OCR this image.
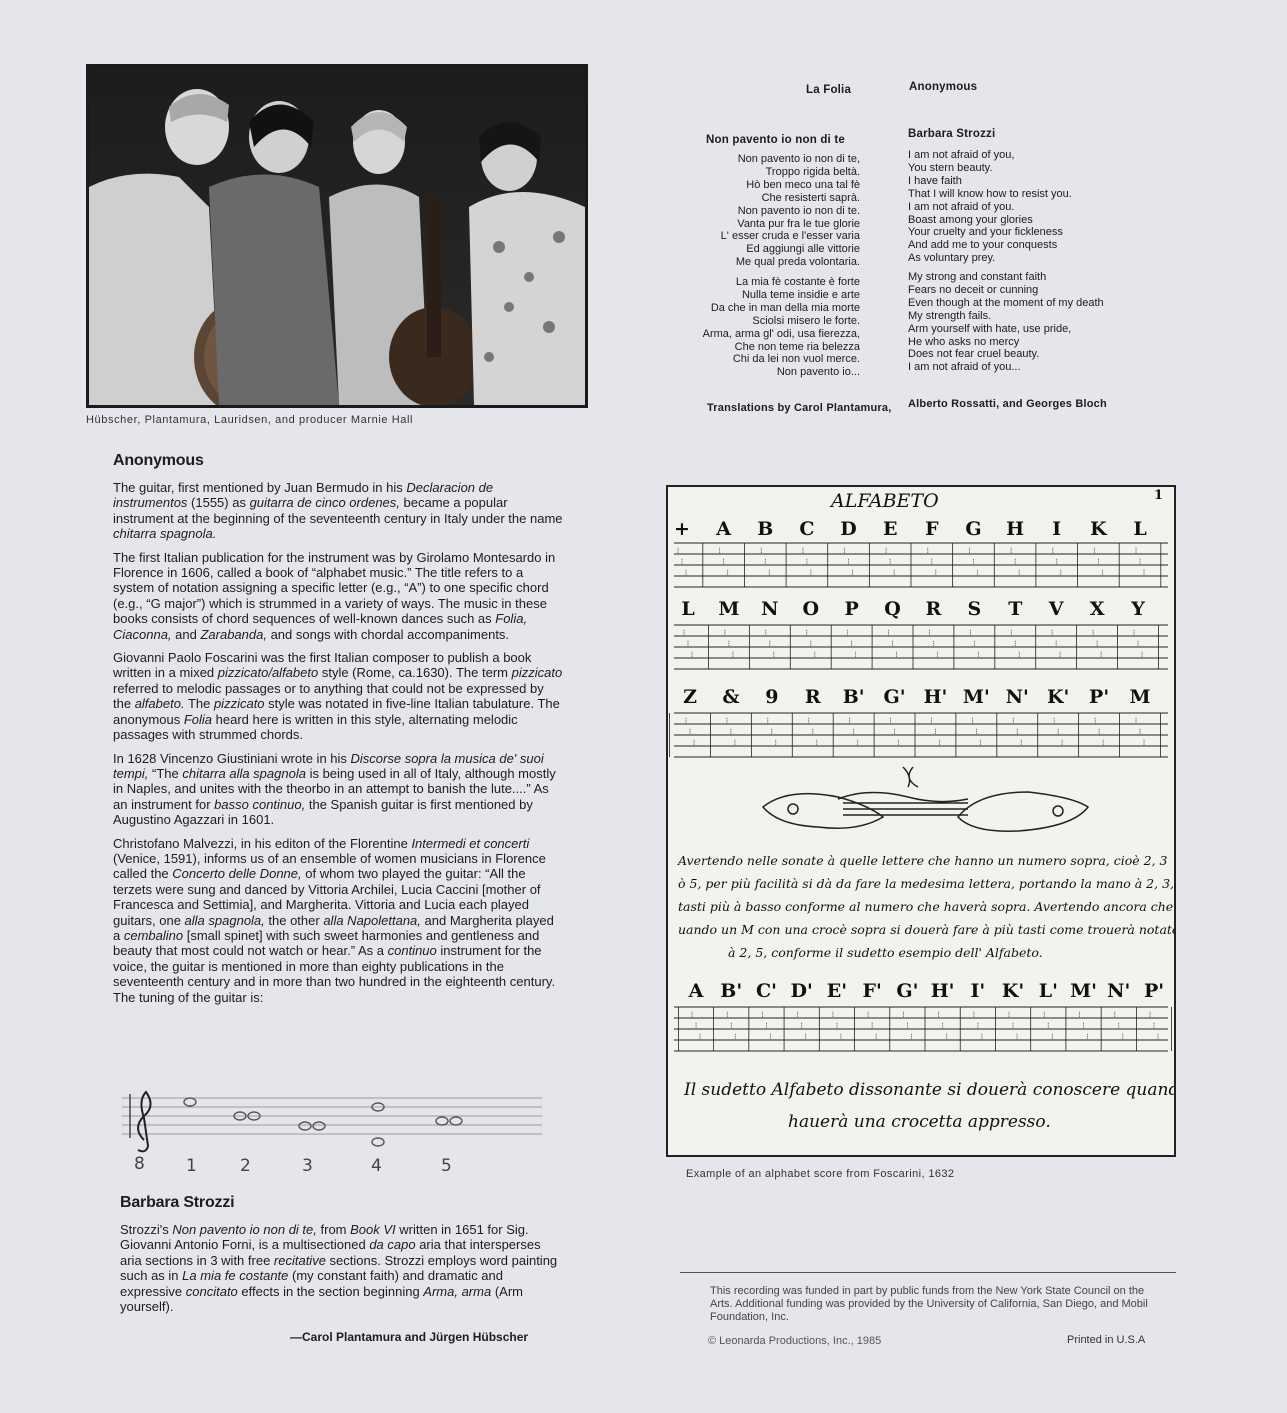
Hübscher, Plantamura, Lauridsen, and producer Marnie Hall
La Folia	Anonymous
Non pavento io non di te	Barbara Strozzi
Non pavento io non di te,
Troppo rigida beltà.
Hò ben meco una tal fè
Che resisterti saprà.
Non pavento io non di te.
Vanta pur fra le tue glorie
L' esser cruda e l'esser varia
Ed aggiungi alle vittorie
Me qual preda volontaria.
La mia fè costante è forte
Nulla teme insidie e arte
Da che in man della mia morte
Sciolsi misero le forte.
Arma, arma gl' odi, usa fierezza,
Che non teme ria belezza
Chi da lei non vuol merce.
Non pavento io...
I am not afraid of you,
You stern beauty.
I have faith
That I will know how to resist you.
I am not afraid of you.
Boast among your glories
Your cruelty and your fickleness
And add me to your conquests
As voluntary prey.
My strong and constant faith
Fears no deceit or cunning
Even though at the moment of my death
My strength fails.
Arm yourself with hate, use pride,
He who asks no mercy
Does not fear cruel beauty.
I am not afraid of you...
Translations by Carol Plantamura, Alberto Rossatti, and Georges Bloch
Anonymous

The guitar, first mentioned by Juan Bermudo in his Declaracion de instrumentos (1555) as guitarra de cinco ordenes, became a popular instrument at the beginning of the seventeenth century in Italy under the name chitarra spagnola.

The first Italian publication for the instrument was by Girolamo Montesardo in Florence in 1606, called a book of “alphabet music.” The title refers to a system of notation assigning a specific letter (e.g., “A”) to one specific chord (e.g., “G major”) which is strummed in a variety of ways. The music in these books consists of chord sequences of well-known dances such as Folia, Ciaconna, and Zarabanda, and songs with chordal accompaniments.

Giovanni Paolo Foscarini was the first Italian composer to publish a book written in a mixed pizzicato/alfabeto style (Rome, ca.1630). The term pizzicato referred to melodic passages or to anything that could not be expressed by the alfabeto. The pizzicato style was notated in five-line Italian tabulature. The anonymous Folia heard here is written in this style, alternating melodic passages with strummed chords.

In 1628 Vincenzo Giustiniani wrote in his Discorse sopra la musica de' suoi tempi, “The chitarra alla spagnola is being used in all of Italy, although mostly in Naples, and unites with the theorbo in an attempt to banish the lute....” As an instrument for basso continuo, the Spanish guitar is first mentioned by Augustino Agazzari in 1601.

Christofano Malvezzi, in his editon of the Florentine Intermedi et concerti (Venice, 1591), informs us of an ensemble of women musicians in Florence called the Concerto delle Donne, of whom two played the guitar: “All the terzets were sung and danced by Vittoria Archilei, Lucia Caccini [mother of Francesca and Settimia], and Margherita. Vittoria and Lucia each played guitars, one alla spagnola, the other alla Napolettana, and Margherita played a cembalino [small spinet] with such sweet harmonies and gentleness and beauty that most could not watch or hear.” As a continuo instrument for the voice, the guitar is mentioned in more than eighty publications in the seventeenth century and in more than two hundred in the eighteenth century. The tuning of the guitar is:

8 1	2	3	4	5
Barbara Strozzi

Strozzi's Non pavento io non di te, from Book VI written in 1651 for Sig. Giovanni Antonio Forni, is a multisectioned da capo aria that intersperses aria sections in 3 with free recitative sections. Strozzi employs word painting such as in La mia fe costante (my constant faith) and dramatic and expressive concitato effects in the section beginning Arma, arma (Arm yourself).

—Carol Plantamura and Jürgen Hübscher
ALFABETO	1
+
⁝
⁝
⁝
A
⁝
⁝
⁝
B
⁝
⁝
⁝
C
⁝
⁝
⁝
D
⁝
⁝
⁝
E
⁝
⁝
⁝
F
⁝
⁝
⁝
G
⁝
⁝
⁝
H
⁝
⁝
⁝
I
⁝
⁝
⁝
K
⁝
⁝
⁝
L
⁝
⁝
⁝
L
⁝
⁝
⁝
M
⁝
⁝
⁝
N
⁝
⁝
⁝
O
⁝
⁝
⁝
P
⁝
⁝
⁝
Q
⁝
⁝
⁝
R
⁝
⁝
⁝
S
⁝
⁝
⁝
T
⁝
⁝
⁝
V
⁝
⁝
⁝
X
⁝
⁝
⁝
Y
⁝
⁝
⁝
Z
⁝
⁝
⁝
&
⁝
⁝
⁝
9
⁝
⁝
⁝
R
⁝
⁝
⁝
B'
⁝
⁝
⁝
G'
⁝
⁝
⁝
H'
⁝
⁝
⁝
M'
⁝
⁝
⁝
N'
⁝
⁝
⁝
K'
⁝
⁝
⁝
P'
⁝
⁝
⁝
M
⁝
⁝
⁝
A
⁝
⁝
⁝
B'
⁝
⁝
⁝
C'
⁝
⁝
⁝
D'
⁝
⁝
⁝
E'
⁝
⁝
⁝
F'
⁝
⁝
⁝
G'
⁝
⁝
⁝
H'
⁝
⁝
⁝
I'
⁝
⁝
⁝
K'
⁝
⁝
⁝
L'
⁝
⁝
⁝
M'
⁝
⁝
⁝
N'
⁝
⁝
⁝
P'
⁝
⁝
⁝
Avertendo nelle sonate à quelle lettere che hanno un numero sopra, cioè 2, 3
ò 5, per più facilità si dà da fare la medesima lettera, portando la mano à 2, 3, ò 5
tasti più à basso conforme al numero che haverà sopra. Avertendo ancora che tro-
uando un M con una crocè sopra si douerà fare à più tasti come trouerà notato, ò
à 2, 5, conforme il sudetto esempio dell' Alfabeto.
Il sudetto Alfabeto dissonante si douerà conoscere quando
hauerà una crocetta appresso.
Example of an alphabet score from Foscarini, 1632
This recording was funded in part by public funds from the New York State Council on the Arts. Additional funding was provided by the University of California, San Diego, and Mobil Foundation, Inc.
© Leonarda Productions, Inc., 1985	Printed in U.S.A
